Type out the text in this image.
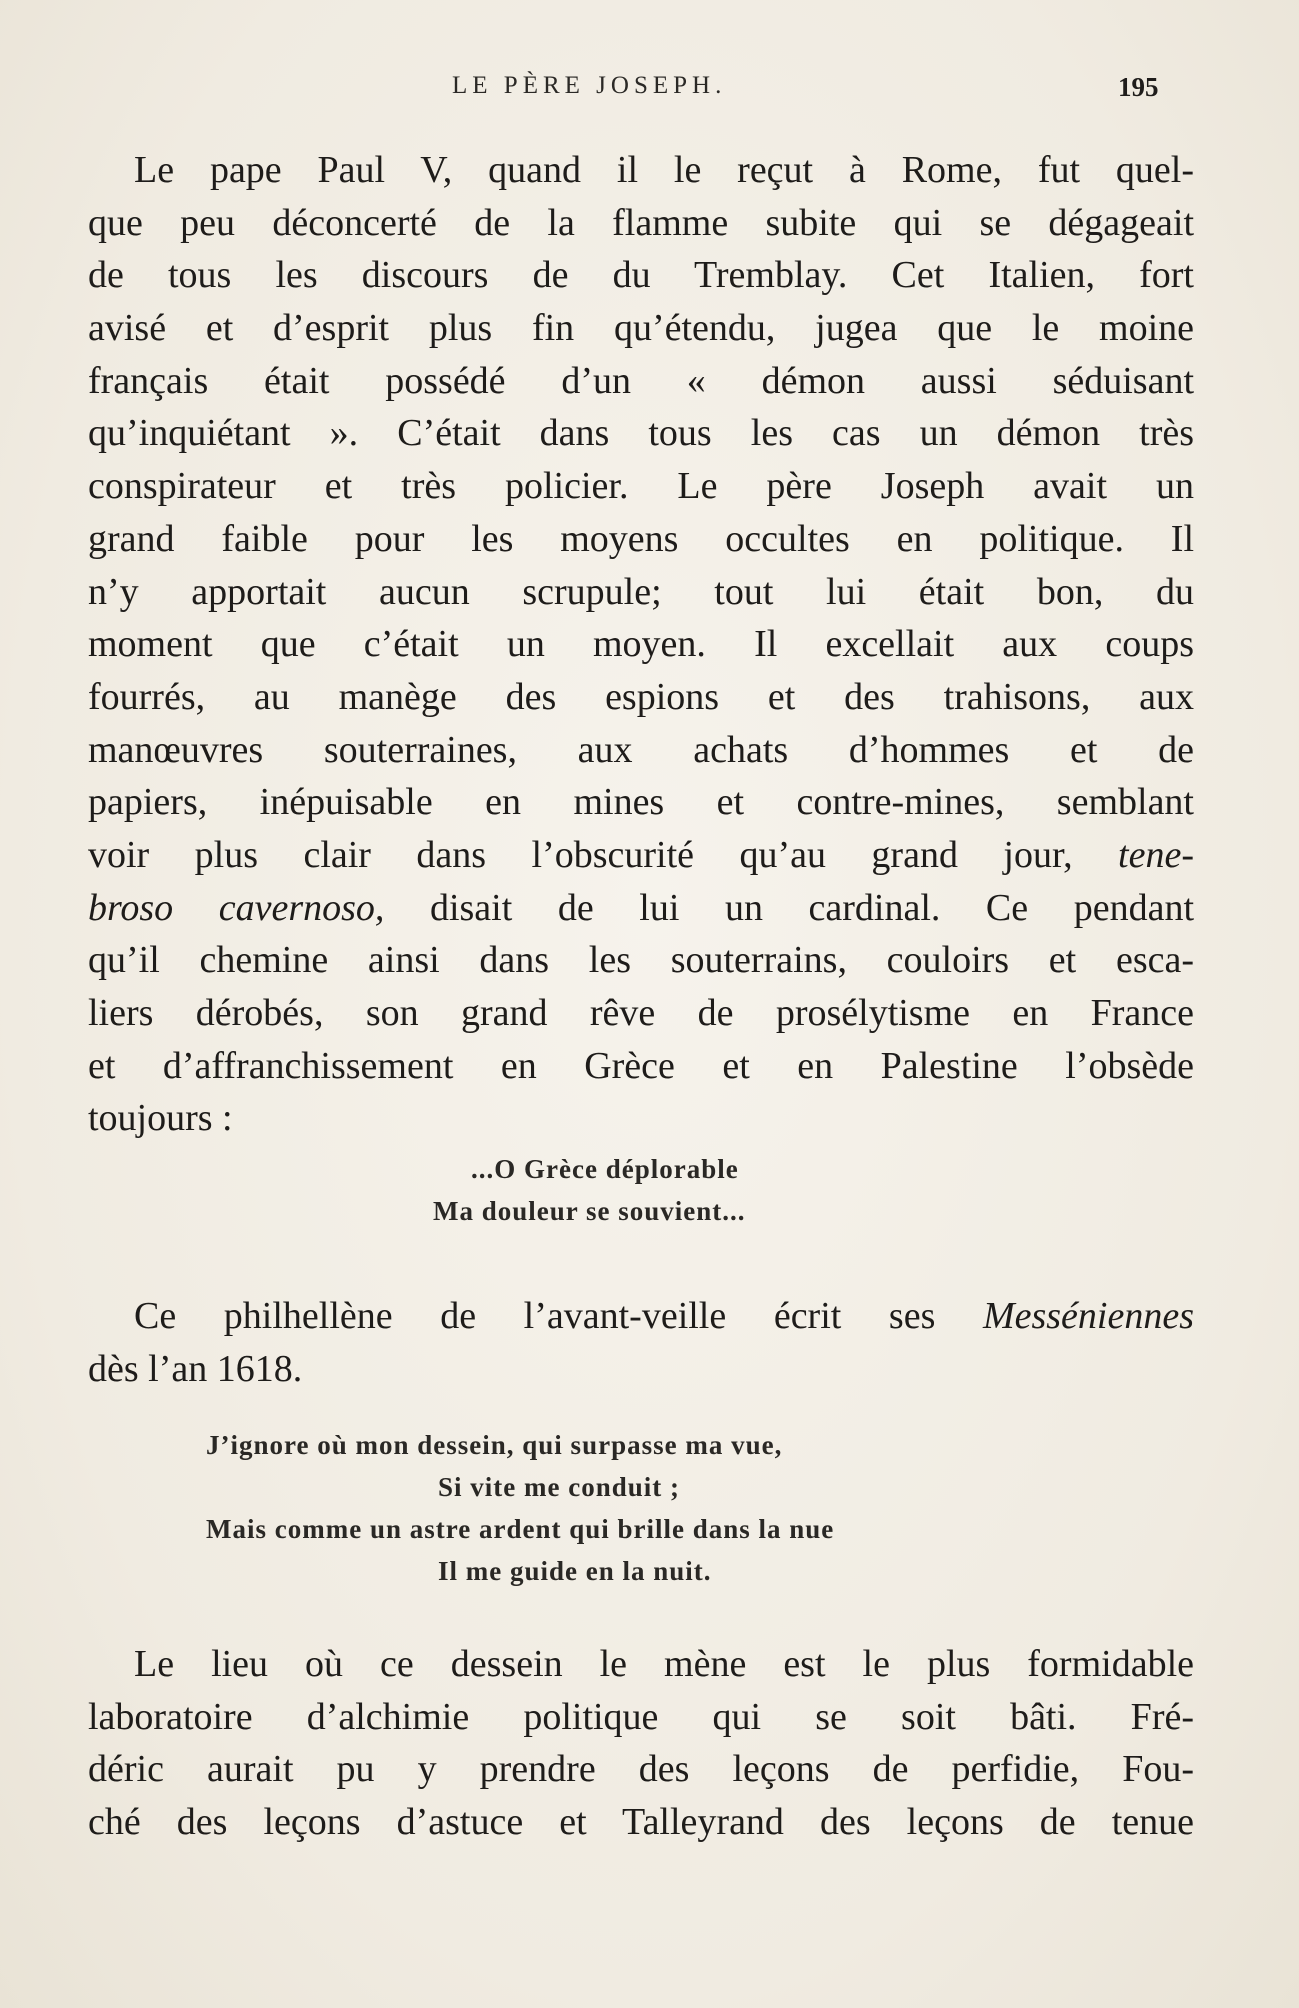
LE PÈRE JOSEPH.	195
Le pape Paul V, quand il le reçut à Rome, fut quel-
que peu déconcerté de la flamme subite qui se dégageait
de tous les discours de du Tremblay. Cet Italien, fort
avisé et d’esprit plus fin qu’étendu, jugea que le moine
français était possédé d’un « démon aussi séduisant
qu’inquiétant ». C’était dans tous les cas un démon très
conspirateur et très policier. Le père Joseph avait un
grand faible pour les moyens occultes en politique. Il
n’y apportait aucun scrupule; tout lui était bon, du
moment que c’était un moyen. Il excellait aux coups
fourrés, au manège des espions et des trahisons, aux
manœuvres souterraines, aux achats d’hommes et de
papiers, inépuisable en mines et contre-mines, semblant
voir plus clair dans l’obscurité qu’au grand jour, tene-
broso cavernoso, disait de lui un cardinal. Ce pendant
qu’il chemine ainsi dans les souterrains, couloirs et esca-
liers dérobés, son grand rêve de prosélytisme en France
et d’affranchissement en Grèce et en Palestine l’obsède
toujours :
...O Grèce déplorable
Ma douleur se souvient...
Ce philhellène de l’avant-veille écrit ses Messéniennes
dès l’an 1618.
J’ignore où mon dessein, qui surpasse ma vue,
Si vite me conduit ;
Mais comme un astre ardent qui brille dans la nue
Il me guide en la nuit.
Le lieu où ce dessein le mène est le plus formidable
laboratoire d’alchimie politique qui se soit bâti. Fré-
déric aurait pu y prendre des leçons de perfidie, Fou-
ché des leçons d’astuce et Talleyrand des leçons de tenue
